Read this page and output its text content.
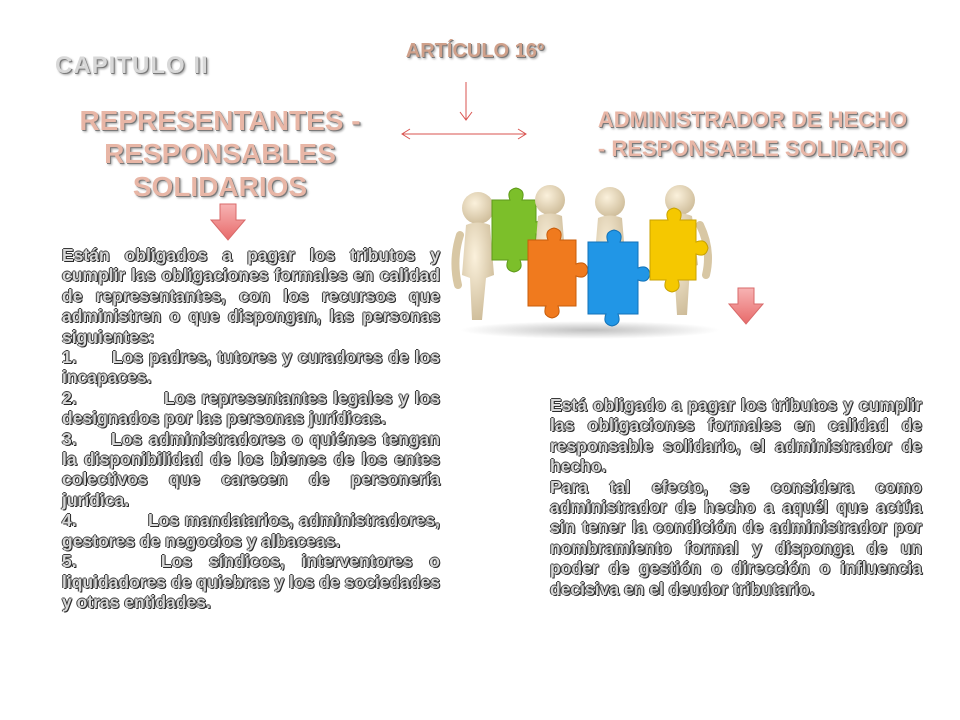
CAPITULO II
ARTÍCULO 16º
REPRESENTANTES -
RESPONSABLES
SOLIDARIOS
ADMINISTRADOR DE HECHO
- RESPONSABLE SOLIDARIO

Están obligados a pagar los tributos y cumplir las obligaciones formales en calidad de representantes, con los recursos que administren o que dispongan, las personas siguientes:

1.      Los padres, tutores y curadores de los incapaces.

2.              Los representantes legales y los designados por las personas jurídicas.

3.     Los administradores o quiénes tengan la disponibilidad de los bienes de los entes colectivos que carecen de personería jurídica.

4.             Los mandatarios, administradores, gestores de negocios y albaceas.

5.     Los síndicos, interventores o liquidadores de quiebras y los de sociedades y otras entidades.

Está obligado a pagar los tributos y cumplir las obligaciones formales en calidad de responsable solidario, el administrador de hecho.

Para tal efecto, se considera como administrador de hecho a aquél que actúa sin tener la condición de administrador por nombramiento formal y disponga de un poder de gestión o dirección o influencia decisiva en el deudor tributario.
